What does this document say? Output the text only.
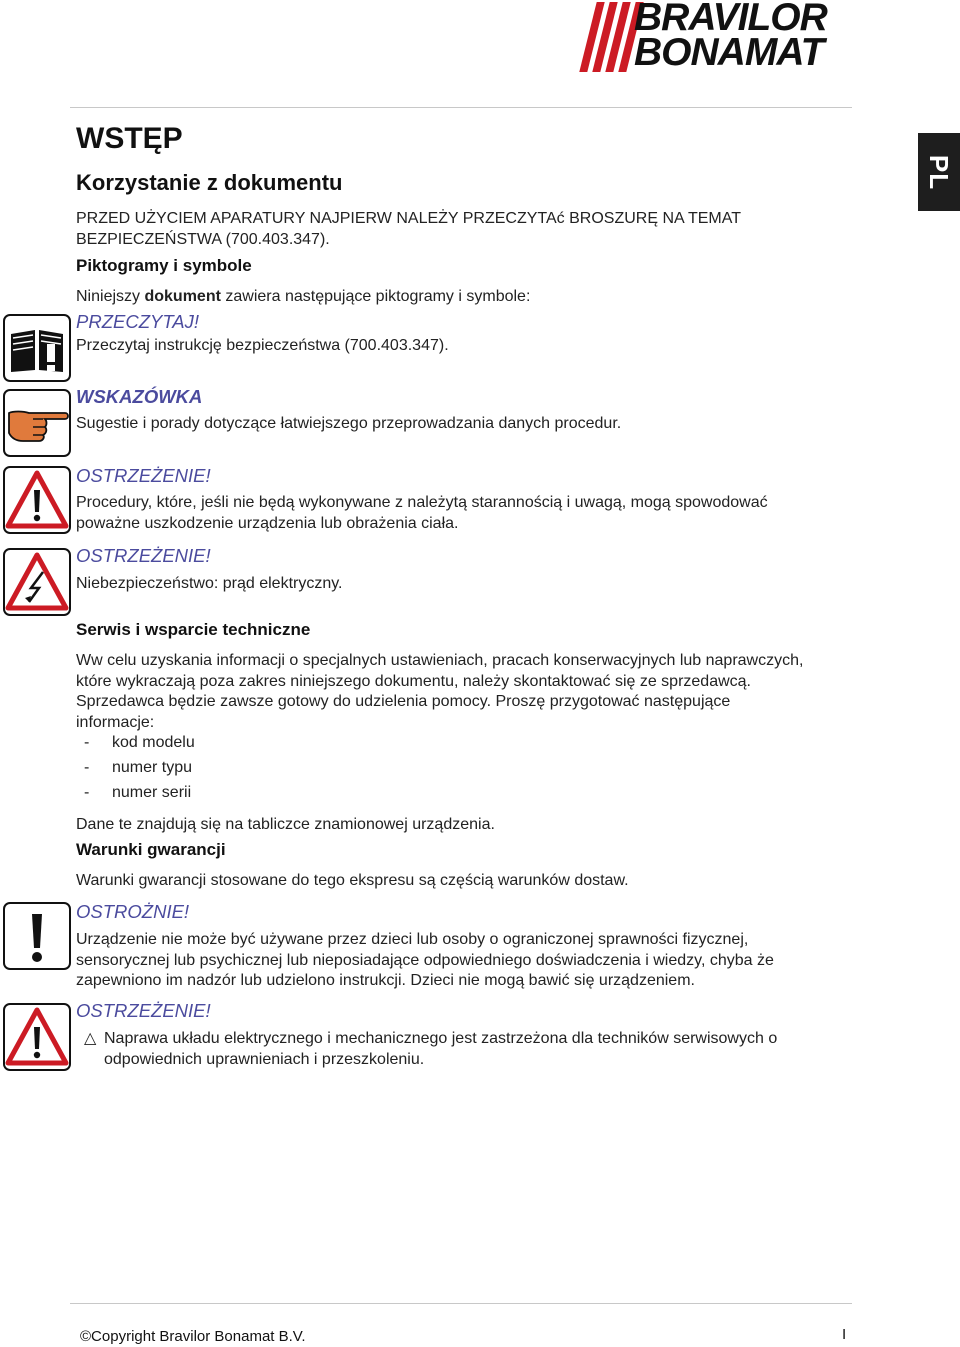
BRAVILOR
BONAMAT
PL
WSTĘP
Korzystanie z dokumentu
PRZED UŻYCIEM APARATURY NAJPIERW NALEŻY PRZECZYTAć BROSZURĘ NA TEMAT
BEZPIECZEŃSTWA (700.403.347).
Piktogramy i symbole
Niniejszy dokument zawiera następujące piktogramy i symbole:
PRZECZYTAJ!
Przeczytaj instrukcję bezpieczeństwa (700.403.347).
WSKAZÓWKA
Sugestie i porady dotyczące łatwiejszego przeprowadzania danych procedur.
OSTRZEŻENIE!
Procedury, które, jeśli nie będą wykonywane z należytą starannością i uwagą, mogą spowodować
poważne uszkodzenie urządzenia lub obrażenia ciała.
OSTRZEŻENIE!
Niebezpieczeństwo: prąd elektryczny.
Serwis i wsparcie techniczne
Ww celu uzyskania informacji o specjalnych ustawieniach, pracach konserwacyjnych lub naprawczych,
które wykraczają poza zakres niniejszego dokumentu, należy skontaktować się ze sprzedawcą.
Sprzedawca będzie zawsze gotowy do udzielenia pomocy. Proszę przygotować następujące
informacje:
- kod modelu
- numer typu
- numer serii
Dane te znajdują się na tabliczce znamionowej urządzenia.
Warunki gwarancji
Warunki gwarancji stosowane do tego ekspresu są częścią warunków dostaw.
OSTROŻNIE!
Urządzenie nie może być używane przez dzieci lub osoby o ograniczonej sprawności fizycznej,
sensorycznej lub psychicznej lub nieposiadające odpowiedniego doświadczenia i wiedzy, chyba że
zapewniono im nadzór lub udzielono instrukcji. Dzieci nie mogą bawić się urządzeniem.
OSTRZEŻENIE!
△ Naprawa układu elektrycznego i mechanicznego jest zastrzeżona dla techników serwisowych o
odpowiednich uprawnieniach i przeszkoleniu.
©Copyright Bravilor Bonamat B.V.	I
